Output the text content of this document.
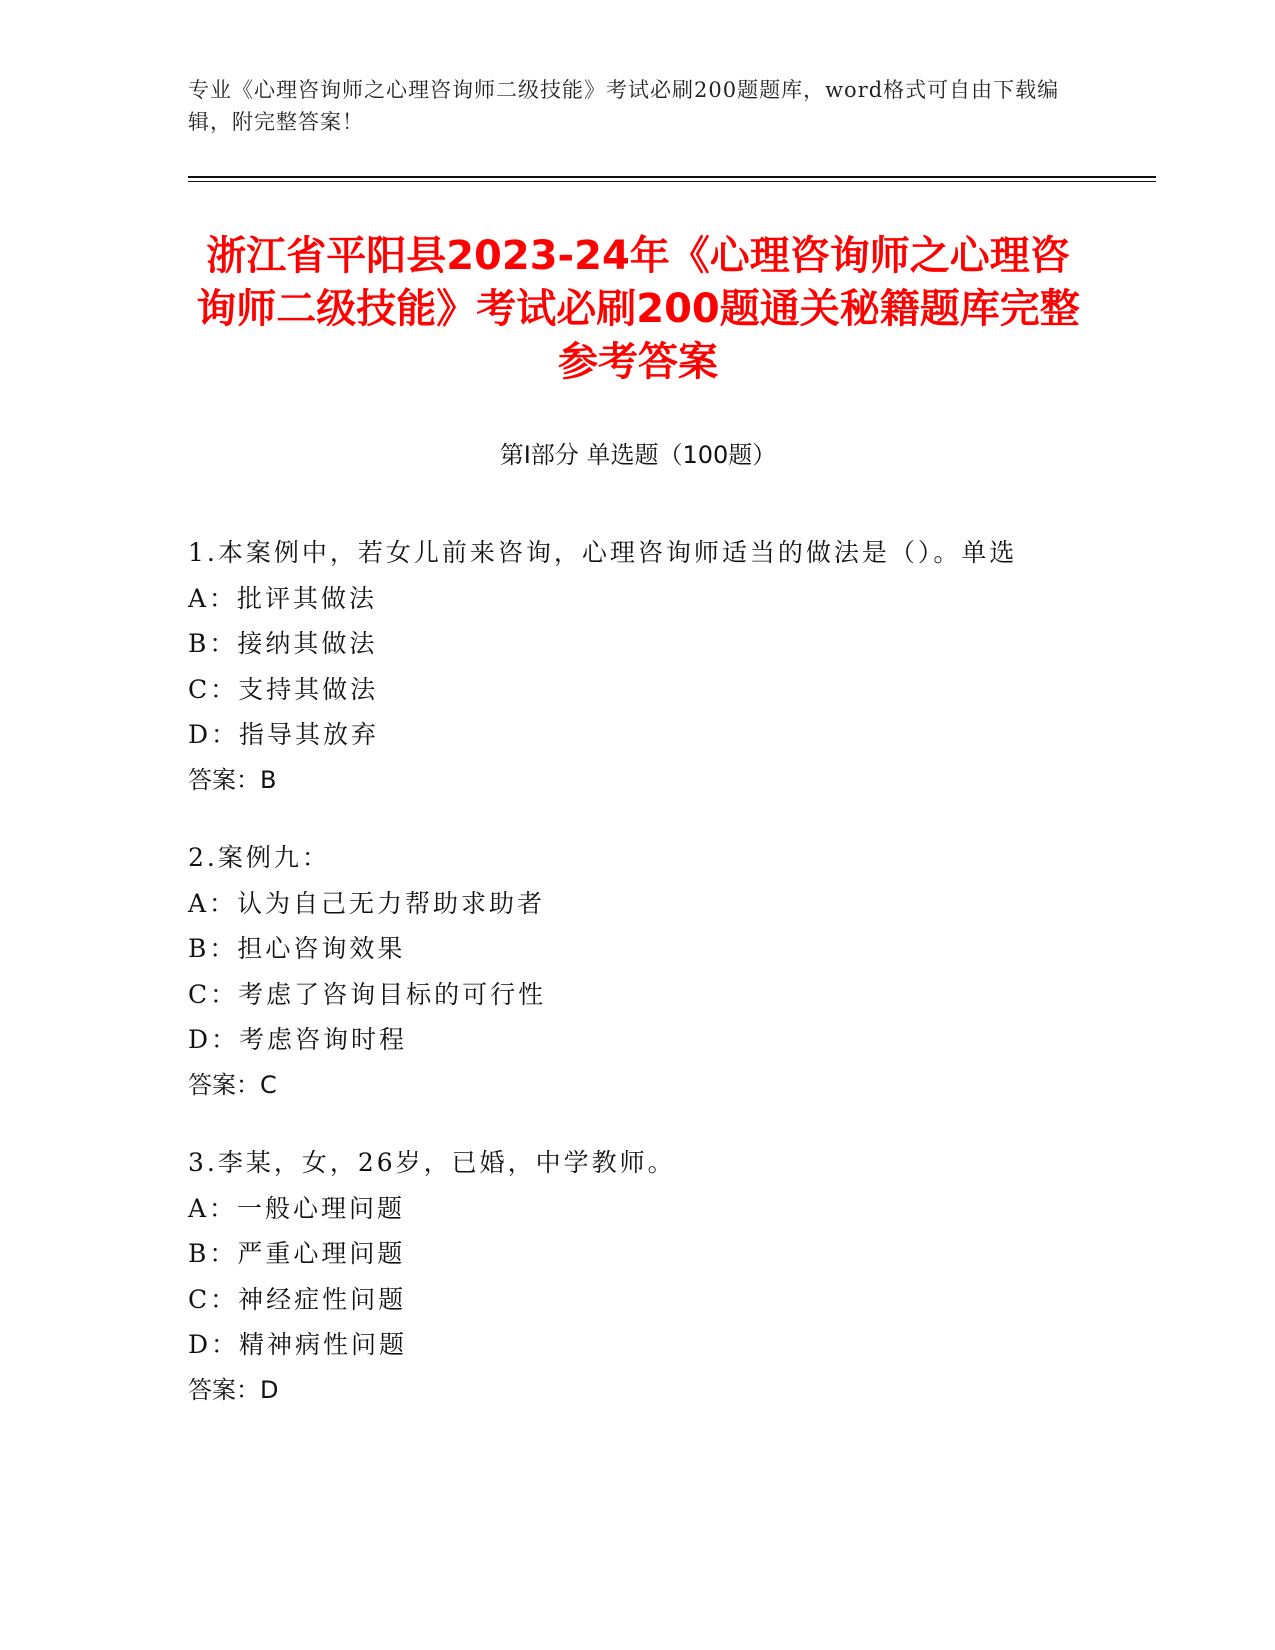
专业《心理咨询师之心理咨询师二级技能》考试必刷200题题库，word格式可自由下载编辑，附完整答案！
浙江省平阳县2023-24年《心理咨询师之心理咨询师二级技能》考试必刷200题通关秘籍题库完整参考答案
第Ⅰ部分 单选题（100题）
1.本案例中，若女儿前来咨询，心理咨询师适当的做法是（）。单选
A：批评其做法
B：接纳其做法
C：支持其做法
D：指导其放弃
答案：B
2.案例九：
A：认为自己无力帮助求助者
B：担心咨询效果
C：考虑了咨询目标的可行性
D：考虑咨询时程
答案：C
3.李某，女，26岁，已婚，中学教师。
A：一般心理问题
B：严重心理问题
C：神经症性问题
D：精神病性问题
答案：D
